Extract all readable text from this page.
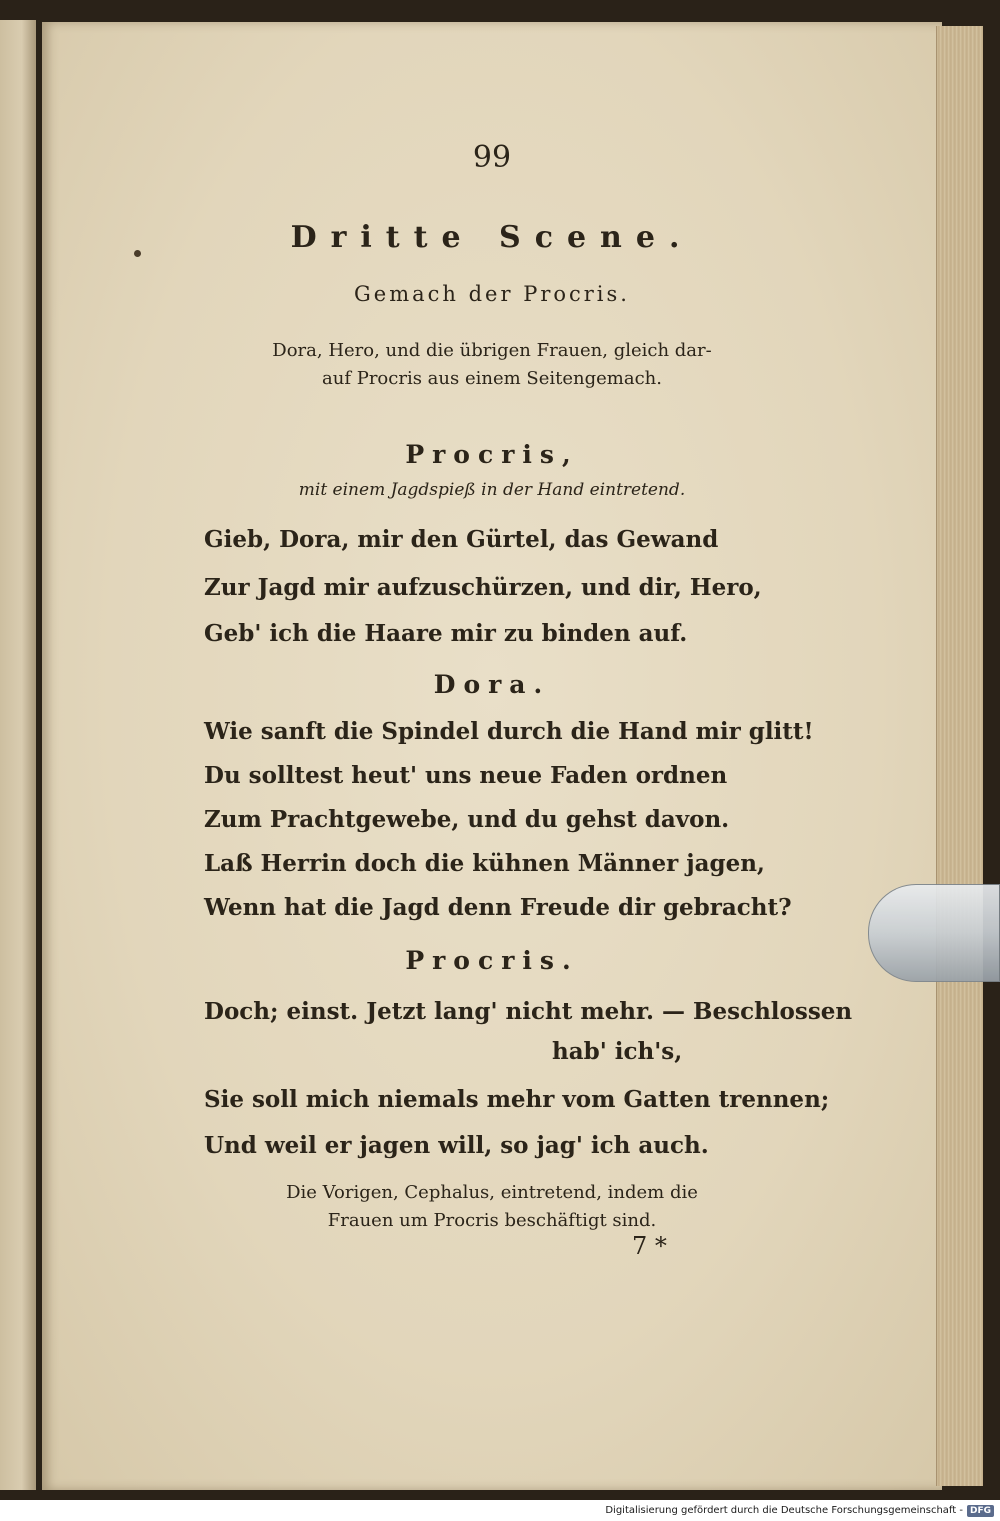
99
Dritte Scene.
Gemach der Procris.
Dora, Hero, und die übrigen Frauen, gleich dar-
auf Procris aus einem Seitengemach.
Procris,
mit einem Jagdspieß in der Hand eintretend.
Gieb, Dora, mir den Gürtel, das Gewand
Zur Jagd mir aufzuschürzen, und dir, Hero,
Geb' ich die Haare mir zu binden auf.
Dora.
Wie sanft die Spindel durch die Hand mir glitt!
Du solltest heut' uns neue Faden ordnen
Zum Prachtgewebe, und du gehst davon.
Laß Herrin doch die kühnen Männer jagen,
Wenn hat die Jagd denn Freude dir gebracht?
Procris.
Doch; einst. Jetzt lang' nicht mehr. — Beschlossen
hab' ich's,
Sie soll mich niemals mehr vom Gatten trennen;
Und weil er jagen will, so jag' ich auch.
Die Vorigen, Cephalus, eintretend, indem die
Frauen um Procris beschäftigt sind.
7 *
Digitalisierung gefördert durch die Deutsche Forschungsgemeinschaft - DFG
